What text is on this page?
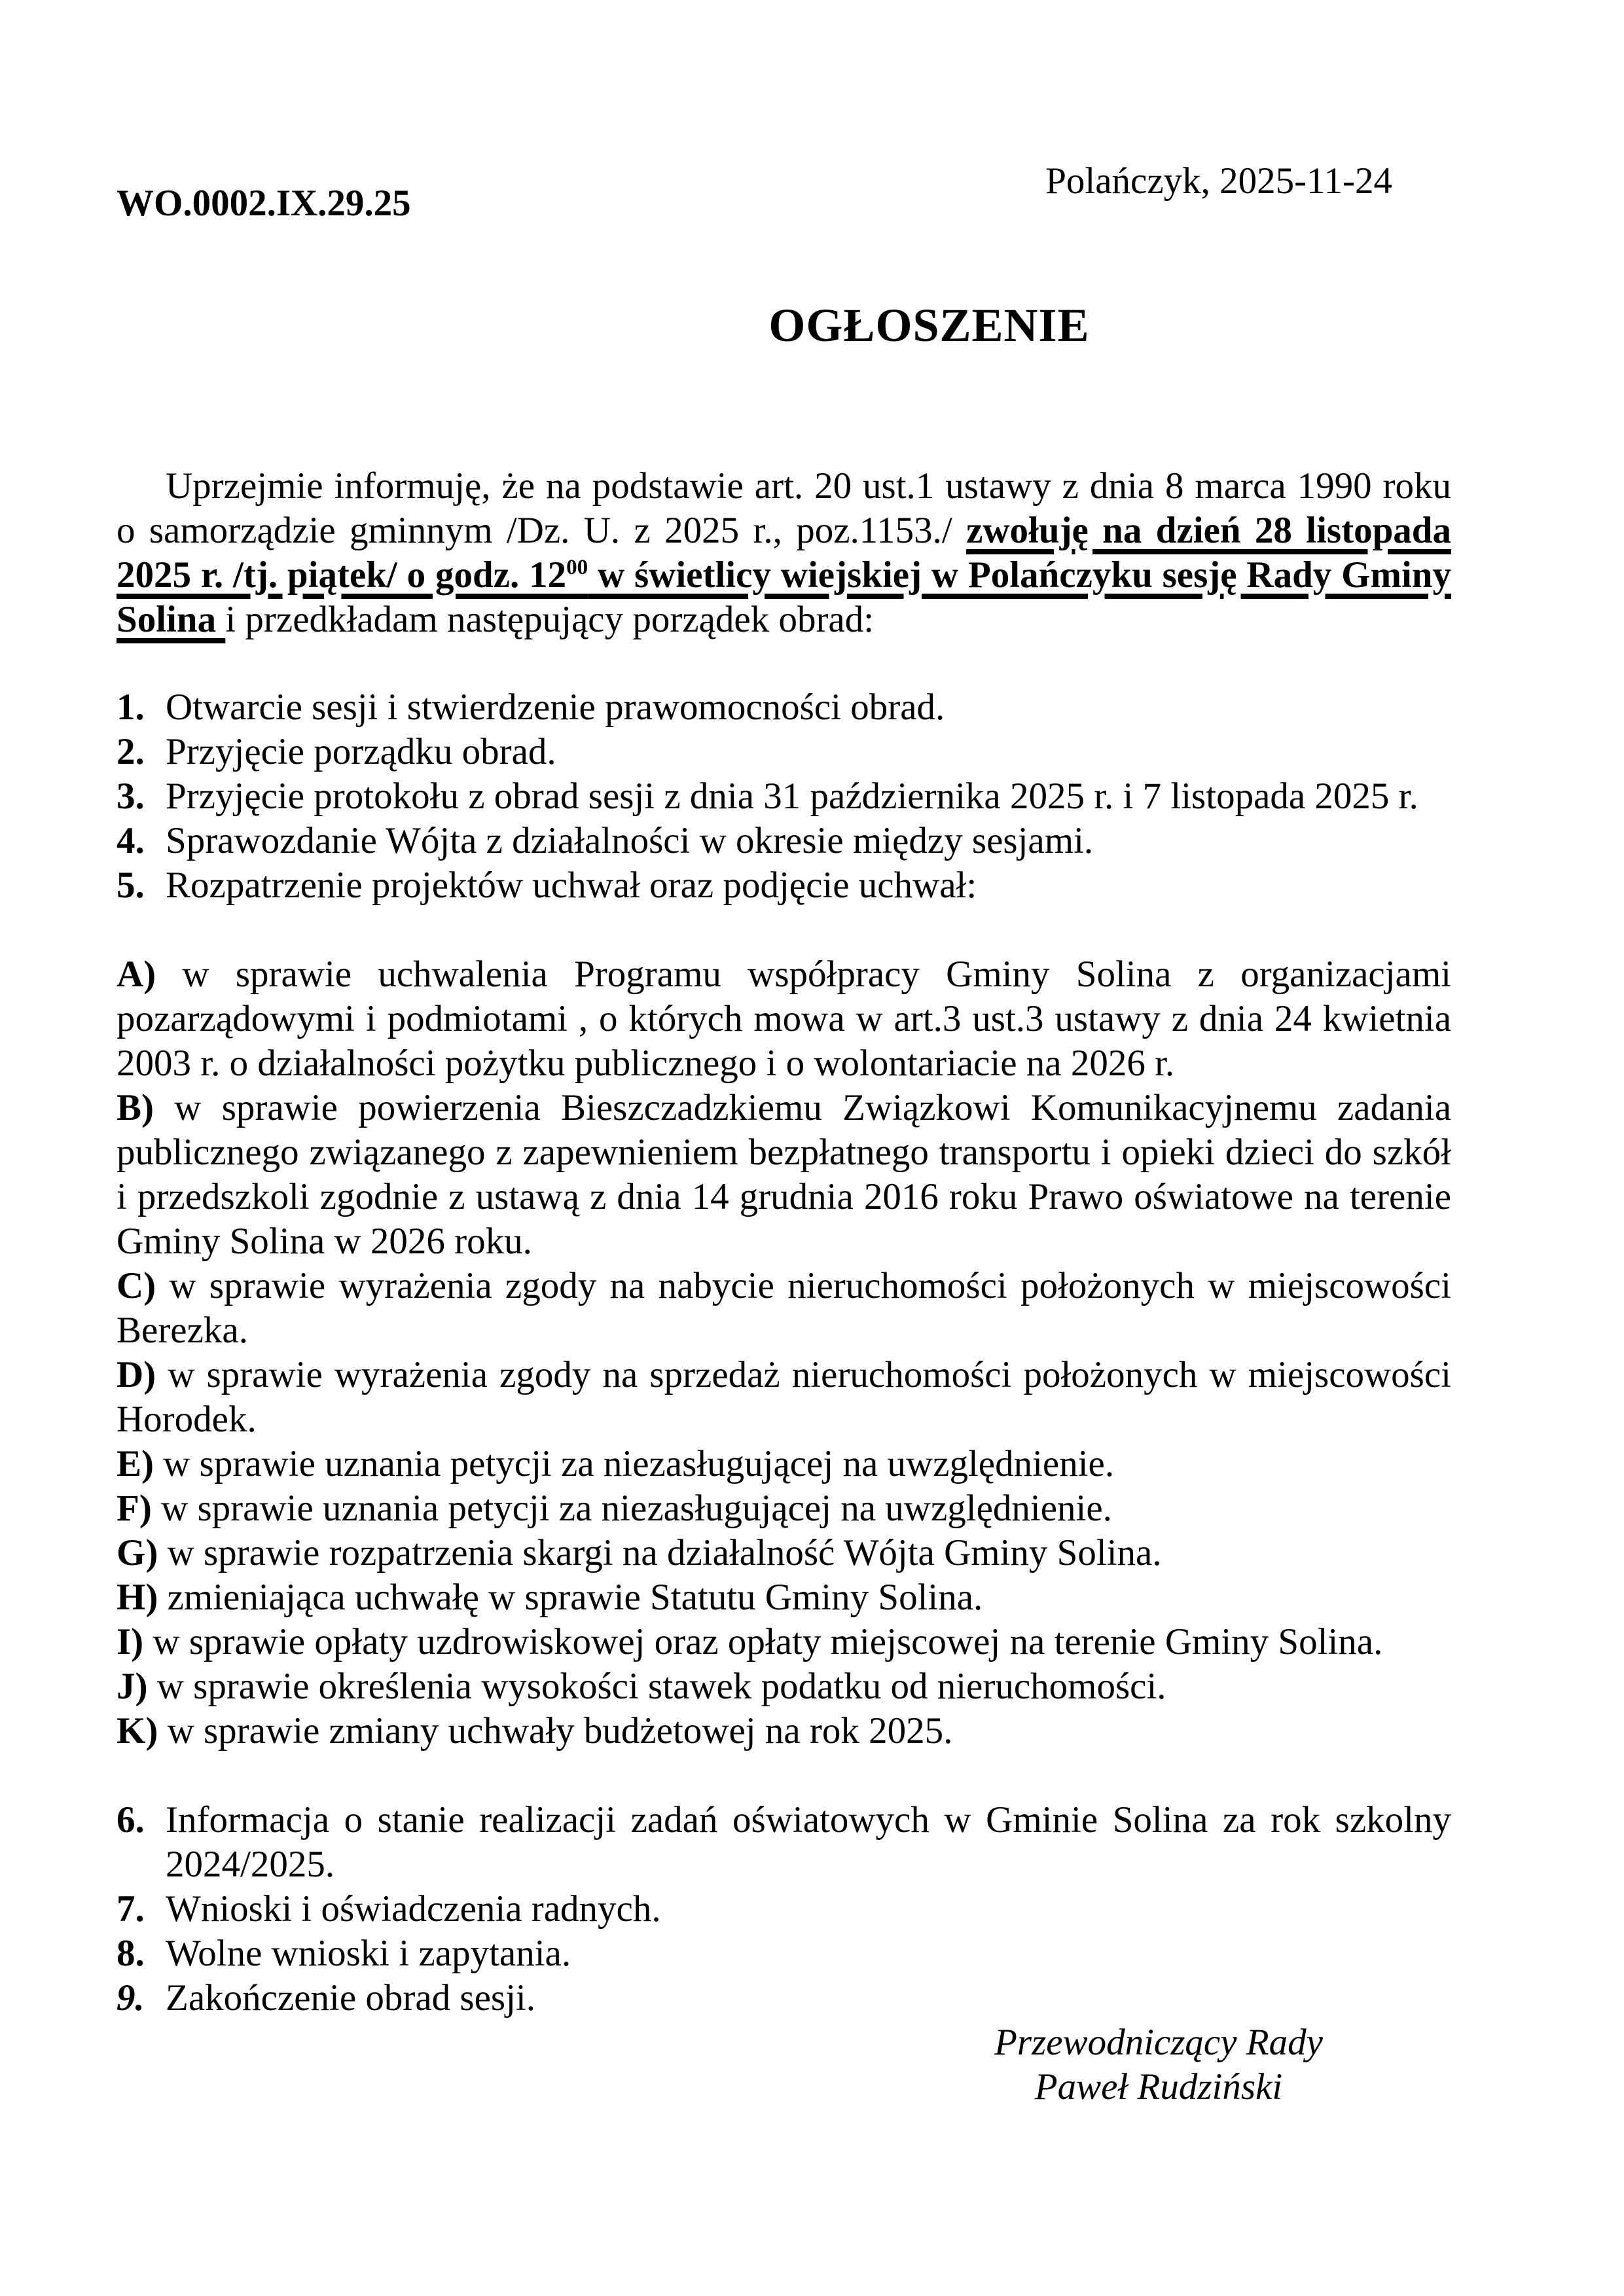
Polańczyk, 2025-11-24
WO.0002.IX.29.25
OGŁOSZENIE
Uprzejmie informuję, że na podstawie art. 20 ust.1 ustawy z dnia 8 marca 1990 roku o samorządzie gminnym /Dz. U. z 2025 r., poz.1153./ zwołuję na dzień 28 listopada 2025 r. /tj. piątek/ o godz. $12^{00}$ w świetlicy wiejskiej w Polańczyku sesję Rady Gminy Solina i przedkładam następujący porządek obrad:
1. Otwarcie sesji i stwierdzenie prawomocności obrad.
2. Przyjęcie porządku obrad.
3. Przyjęcie protokołu z obrad sesji z dnia 31 października 2025 r. i 7 listopada 2025 r.
4. Sprawozdanie Wójta z działalności w okresie między sesjami.
5. Rozpatrzenie projektów uchwał oraz podjęcie uchwał:
A) w sprawie uchwalenia Programu współpracy Gminy Solina z organizacjami pozarządowymi i podmiotami , o których mowa w art.3 ust.3 ustawy z dnia 24 kwietnia 2003 r. o działalności pożytku publicznego i o wolontariacie na 2026 r.
B) w sprawie powierzenia Bieszczadzkiemu Związkowi Komunikacyjnemu zadania publicznego związanego z zapewnieniem bezpłatnego transportu i opieki dzieci do szkół i przedszkoli zgodnie z ustawą z dnia 14 grudnia 2016 roku Prawo oświatowe na terenie Gminy Solina w 2026 roku.
C) w sprawie wyrażenia zgody na nabycie nieruchomości położonych w miejscowości Berezka.
D) w sprawie wyrażenia zgody na sprzedaż nieruchomości położonych w miejscowości Horodek.
E) w sprawie uznania petycji za niezasługującej na uwzględnienie.
F) w sprawie uznania petycji za niezasługującej na uwzględnienie.
G) w sprawie rozpatrzenia skargi na działalność Wójta Gminy Solina.
H) zmieniająca uchwałę w sprawie Statutu Gminy Solina.
I) w sprawie opłaty uzdrowiskowej oraz opłaty miejscowej na terenie Gminy Solina.
J) w sprawie określenia wysokości stawek podatku od nieruchomości.
K) w sprawie zmiany uchwały budżetowej na rok 2025.
6. Informacja o stanie realizacji zadań oświatowych w Gminie Solina za rok szkolny 2024/2025.
7. Wnioski i oświadczenia radnych.
8. Wolne wnioski i zapytania.
9. Zakończenie obrad sesji.
Przewodniczący Rady
Paweł Rudziński
